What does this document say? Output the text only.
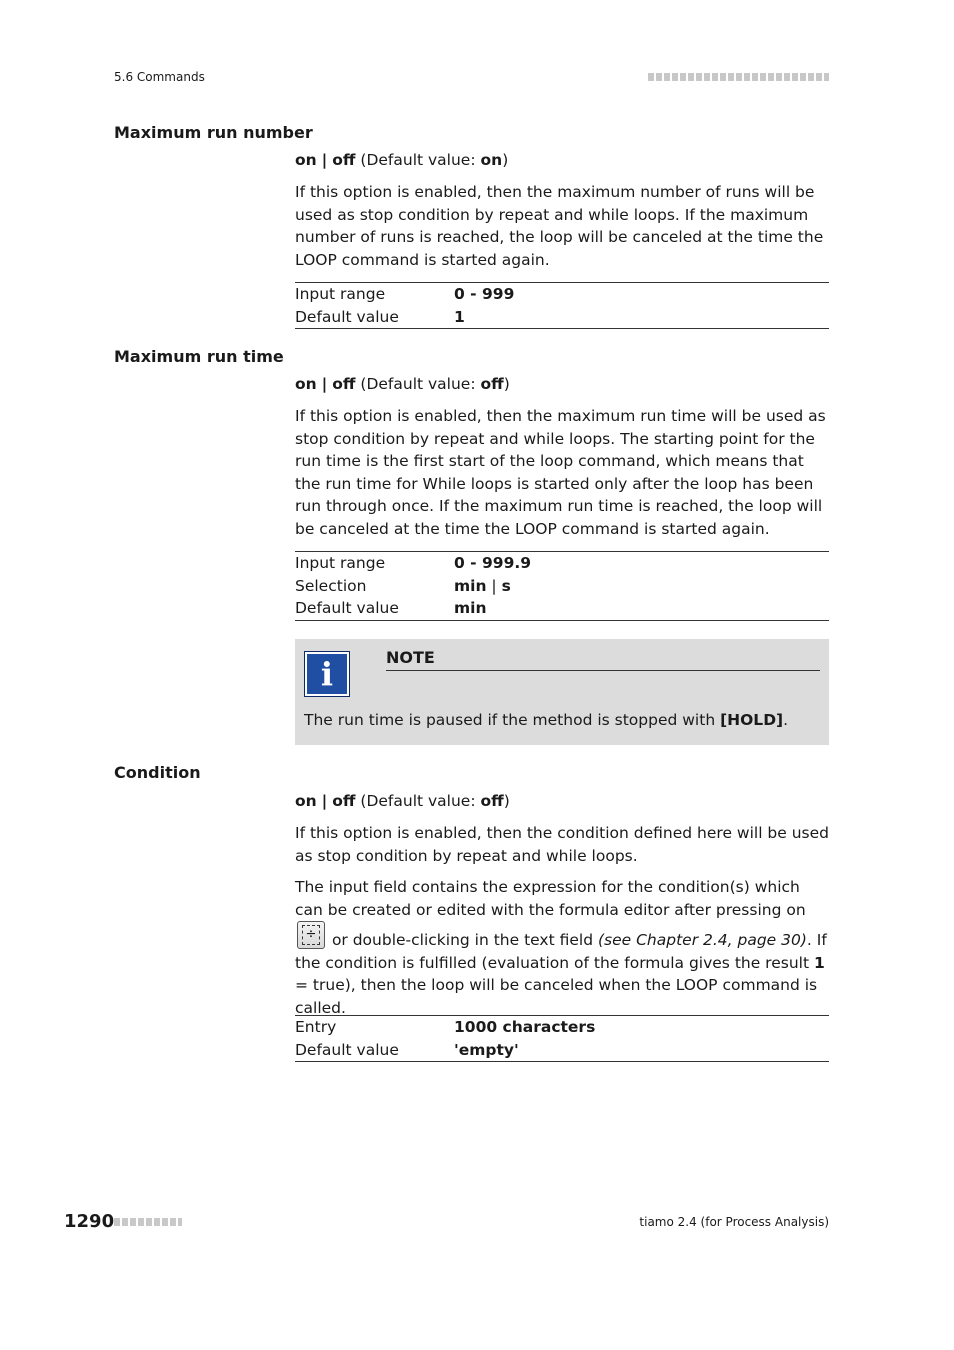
5.6 Commands
Maximum run number
on | off (Default value: on)

If this option is enabled, then the maximum number of runs will be used as stop condition by repeat and while loops. If the maximum number of runs is reached, the loop will be canceled at the time the LOOP command is started again.

Input range	0 - 999
Default value	1
Maximum run time
on | off (Default value: off)

If this option is enabled, then the maximum run time will be used as stop condition by repeat and while loops. The starting point for the run time is the first start of the loop command, which means that the run time for While loops is started only after the loop has been run through once. If the maximum run time is reached, the loop will be canceled at the time the LOOP command is started again.

Input range	0 - 999.9
Selection	min | s
Default value	min
i	NOTE
The run time is paused if the method is stopped with [HOLD].
Condition
on | off (Default value: off)

If this option is enabled, then the condition defined here will be used as stop condition by repeat and while loops.

The input field contains the expression for the condition(s) which can be created or edited with the formula editor after pressing on
÷ or double-clicking in the text field (see Chapter 2.4, page 30). If the condition is fulfilled (evaluation of the formula gives the result 1 = true), then the loop will be canceled when the LOOP command is called.

Entry	1000 characters
Default value	'empty'
1290	tiamo 2.4 (for Process Analysis)
